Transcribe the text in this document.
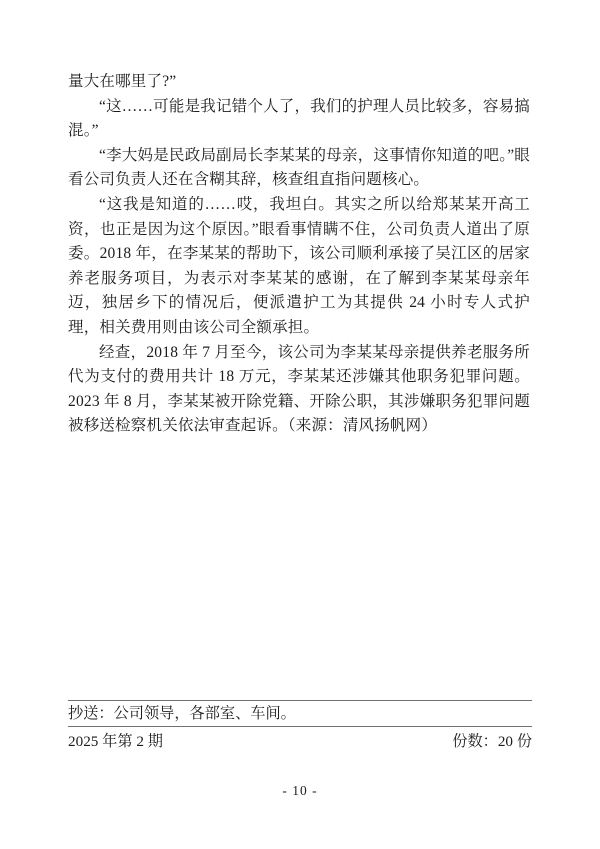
量大在哪里了?”

“这……可能是我记错个人了，我们的护理人员比较多，容易搞混。”

“李大妈是民政局副局长李某某的母亲，这事情你知道的吧。”眼看公司负责人还在含糊其辞，核查组直指问题核心。

“这我是知道的……哎，我坦白。其实之所以给郑某某开高工资，也正是因为这个原因。”眼看事情瞒不住，公司负责人道出了原委。2018 年，在李某某的帮助下，该公司顺利承接了吴江区的居家养老服务项目，为表示对李某某的感谢，在了解到李某某母亲年迈，独居乡下的情况后，便派遣护工为其提供 24 小时专人式护理，相关费用则由该公司全额承担。

经查，2018 年 7 月至今，该公司为李某某母亲提供养老服务所代为支付的费用共计 18 万元，李某某还涉嫌其他职务犯罪问题。2023 年 8 月，李某某被开除党籍、开除公职，其涉嫌职务犯罪问题被移送检察机关依法审查起诉。（来源：清风扬帆网）

抄送：公司领导，各部室、车间。
2025 年第 2 期	份数：20 份
- 10 -
